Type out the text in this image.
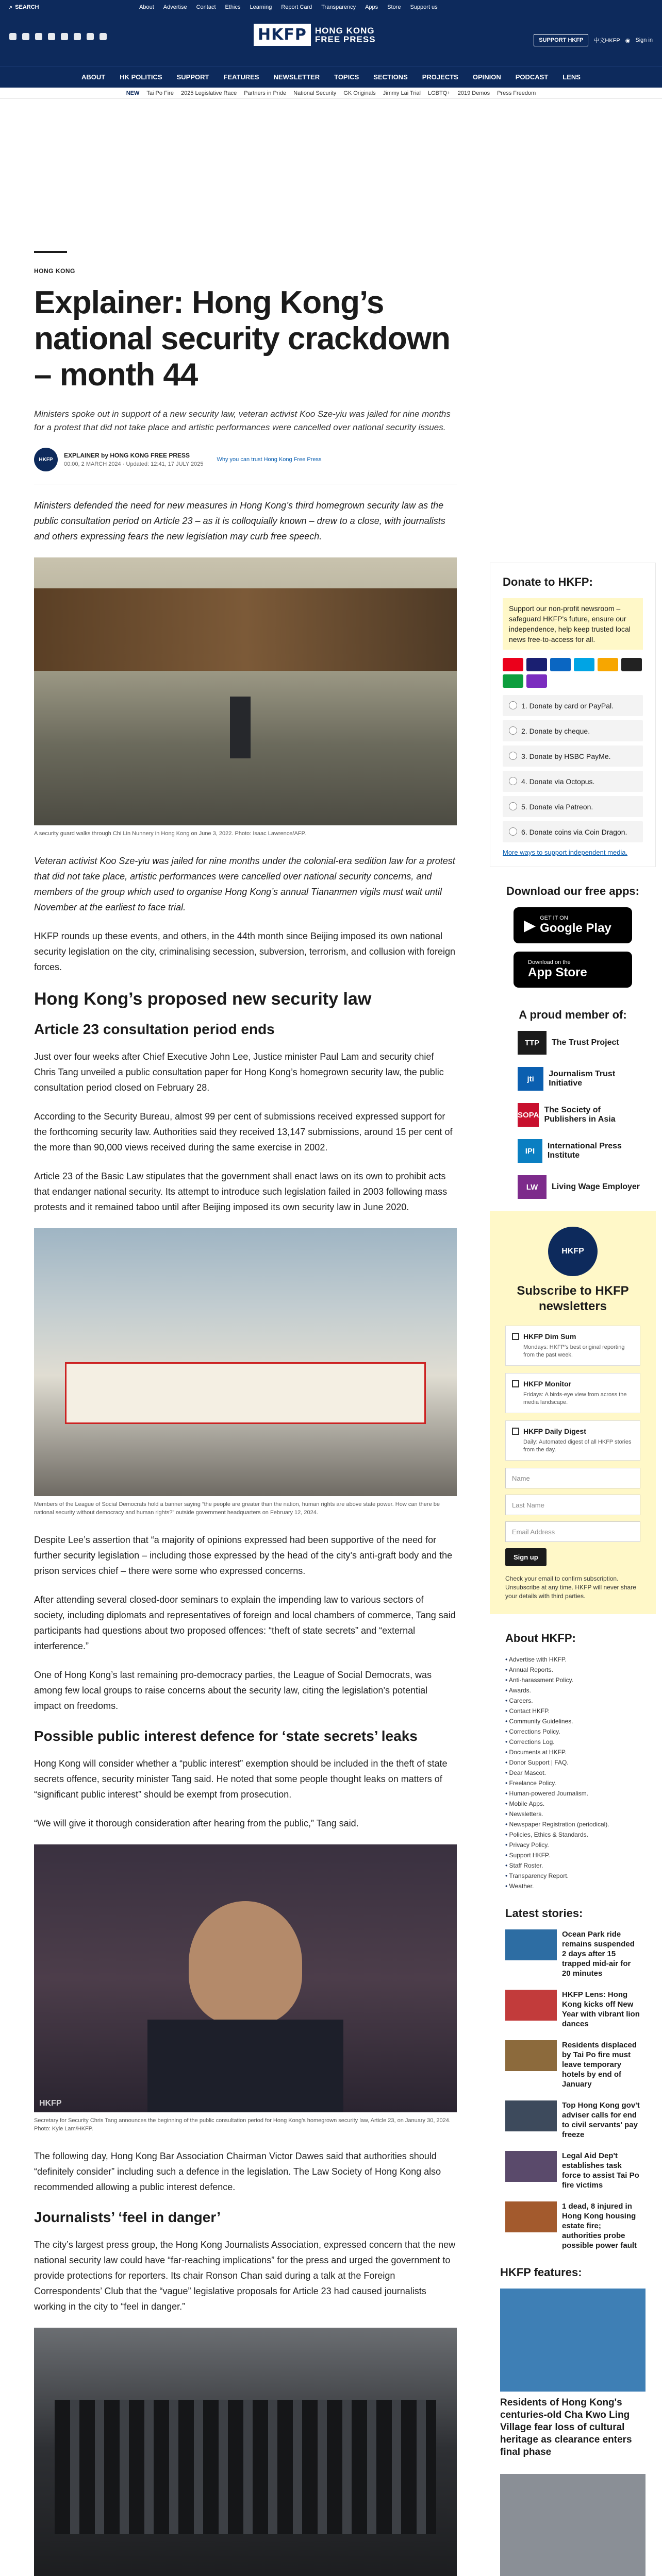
⌕ SEARCH	About Advertise Contact Ethics Learning Report Card Transparency Apps Store Support us
HKFP HONG KONG
FREE PRESS	SUPPORT HKFP	中文HKFP ◉ Sign in
ABOUT HK POLITICS SUPPORT FEATURES NEWSLETTER TOPICS SECTIONS PROJECTS OPINION PODCAST LENS
NEW Tai Po Fire 2025 Legislative Race Partners in Pride National Security GK Originals Jimmy Lai Trial LGBTQ+ 2019 Demos Press Freedom
HONG KONG
Explainer: Hong Kong’s national security crackdown – month 44
Ministers spoke out in support of a new security law, veteran activist Koo Sze-yiu was jailed for nine months for a protest that did not take place and artistic performances were cancelled over national security issues.
HKFP
EXPLAINER by HONG KONG FREE PRESS
00:00, 2 MARCH 2024 · Updated: 12:41, 17 JULY 2025
Why you can trust Hong Kong Free Press

Ministers defended the need for new measures in Hong Kong’s third homegrown security law as the public consultation period on Article 23 – as it is colloquially known – drew to a close, with journalists and others expressing fears the new legislation may curb free speech.

A security guard walks through Chi Lin Nunnery in Hong Kong on June 3, 2022. Photo: Isaac Lawrence/AFP.

Veteran activist Koo Sze-yiu was jailed for nine months under the colonial-era sedition law for a protest that did not take place, artistic performances were cancelled over national security concerns, and members of the group which used to organise Hong Kong’s annual Tiananmen vigils must wait until November at the earliest to face trial.

HKFP rounds up these events, and others, in the 44th month since Beijing imposed its own national security legislation on the city, criminalising secession, subversion, terrorism, and collusion with foreign forces.

Hong Kong’s proposed new security law
Article 23 consultation period ends

Just over four weeks after Chief Executive John Lee, Justice minister Paul Lam and security chief Chris Tang unveiled a public consultation paper for Hong Kong’s homegrown security law, the public consultation period closed on February 28.

According to the Security Bureau, almost 99 per cent of submissions received expressed support for the forthcoming security law. Authorities said they received 13,147 submissions, around 15 per cent of the more than 90,000 views received during the same exercise in 2002.

Article 23 of the Basic Law stipulates that the government shall enact laws on its own to prohibit acts that endanger national security. Its attempt to introduce such legislation failed in 2003 following mass protests and it remained taboo until after Beijing imposed its own security law in June 2020.

Members of the League of Social Democrats hold a banner saying “the people are greater than the nation, human rights are above state power. How can there be national security without democracy and human rights?” outside government headquarters on February 12, 2024.

Despite Lee’s assertion that “a majority of opinions expressed had been supportive of the need for further security legislation – including those expressed by the head of the city’s anti-graft body and the prison services chief – there were some who expressed concerns.

After attending several closed-door seminars to explain the impending law to various sectors of society, including diplomats and representatives of foreign and local chambers of commerce, Tang said participants had questions about two proposed offences: “theft of state secrets” and “external interference.”

One of Hong Kong’s last remaining pro-democracy parties, the League of Social Democrats, was among few local groups to raise concerns about the security law, citing the legislation’s potential impact on freedoms.

Possible public interest defence for ‘state secrets’ leaks

Hong Kong will consider whether a “public interest” exemption should be included in the theft of state secrets offence, security minister Tang said. He noted that some people thought leaks on matters of “significant public interest” should be exempt from prosecution.

“We will give it thorough consideration after hearing from the public,” Tang said.

HKFP
Secretary for Security Chris Tang announces the beginning of the public consultation period for Hong Kong’s homegrown security law, Article 23, on January 30, 2024. Photo: Kyle Lam/HKFP.

The following day, Hong Kong Bar Association Chairman Victor Dawes said that authorities should “definitely consider” including such a defence in the legislation. The Law Society of Hong Kong also recommended allowing a public interest defence.

Journalists’ ‘feel in danger’

The city’s largest press group, the Hong Kong Journalists Association, expressed concern that the new national security law could have “far-reaching implications” for the press and urged the government to provide protections for reporters. Its chair Ronson Chan said during a talk at the Foreign Correspondents’ Club that the “vague” legislative proposals for Article 23 had caused journalists working in the city to “feel in danger.”

Donate to HKFP:
Support our non-profit newsroom – safeguard HKFP's future, ensure our independence, help keep trusted local news free-to-access for all.
1. Donate by card or PayPal.
2. Donate by cheque.
3. Donate by HSBC PayMe.
4. Donate via Octopus.
5. Donate via Patreon.
6. Donate coins via Coin Dragon.
More ways to support independent media.
Download our free apps:
▶ GET IT ON
Google Play
Download on the
App Store
A proud member of:
TTP	The Trust Project
jti
Journalism Trust Initiative
SOPA
The Society of Publishers in Asia
IPI
International Press Institute
LW	Living Wage Employer
HKFP
Subscribe to HKFP newsletters
HKFP Dim Sum
Mondays: HKFP's best original reporting from the past week.
HKFP Monitor
Fridays: A birds-eye view from across the media landscape.
HKFP Daily Digest
Daily: Automated digest of all HKFP stories from the day.
Name
Last Name
Email Address
Sign up
Check your email to confirm subscription. Unsubscribe at any time. HKFP will never share your details with third parties.
About HKFP:
• Advertise with HKFP.
• Annual Reports.
• Anti-harassment Policy.
• Awards.
• Careers.
• Contact HKFP.
• Community Guidelines.
• Corrections Policy.
• Corrections Log.
• Documents at HKFP.
• Donor Support | FAQ.
• Dear Mascot.
• Freelance Policy.
• Human-powered Journalism.
• Mobile Apps.
• Newsletters.
• Newspaper Registration (periodical).
• Policies, Ethics & Standards.
• Privacy Policy.
• Support HKFP.
• Staff Roster.
• Transparency Report.
• Weather.
Latest stories:
Ocean Park ride remains suspended 2 days after 15 trapped mid-air for 20 minutes
HKFP Lens: Hong Kong kicks off New Year with vibrant lion dances
Residents displaced by Tai Po fire must leave temporary hotels by end of January
Top Hong Kong gov't adviser calls for end to civil servants' pay freeze
Legal Aid Dep't establishes task force to assist Tai Po fire victims
1 dead, 8 injured in Hong Kong housing estate fire; authorities probe possible power fault
HKFP features:
Residents of Hong Kong's centuries-old Cha Kwo Ling Village fear loss of cultural heritage as clearance enters final phase
